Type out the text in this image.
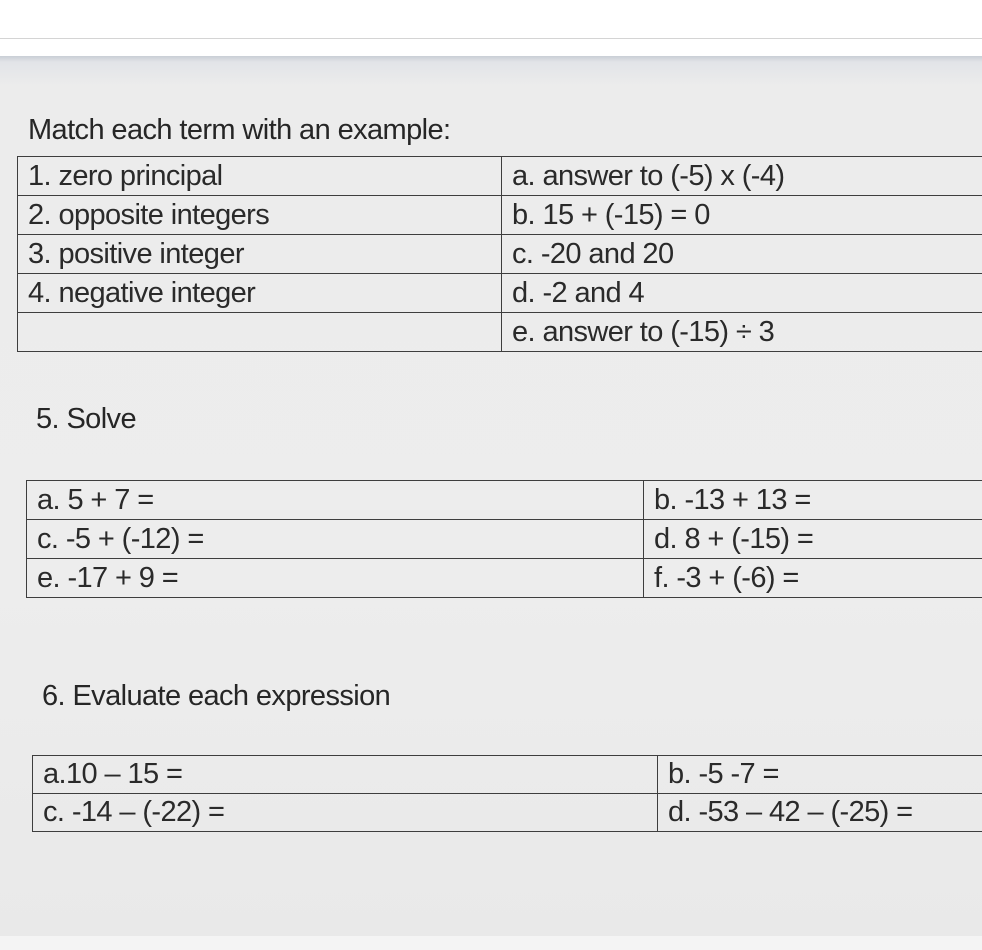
Match each term with an example:
1. zero principal	a. answer to (-5) x (-4)
2. opposite integers	b. 15 + (-15) = 0
3. positive integer	c. -20 and 20
4. negative integer	d. -2 and 4
	e. answer to (-15) ÷ 3
5. Solve
a. 5 + 7 =	b. -13 + 13 =
c. -5 + (-12) =	d. 8 + (-15) =
e. -17 + 9 =	f. -3 + (-6) =
6. Evaluate each expression
a.10 – 15 =	b. -5 -7 =
c. -14 – (-22) =	d. -53 – 42 – (-25) =
